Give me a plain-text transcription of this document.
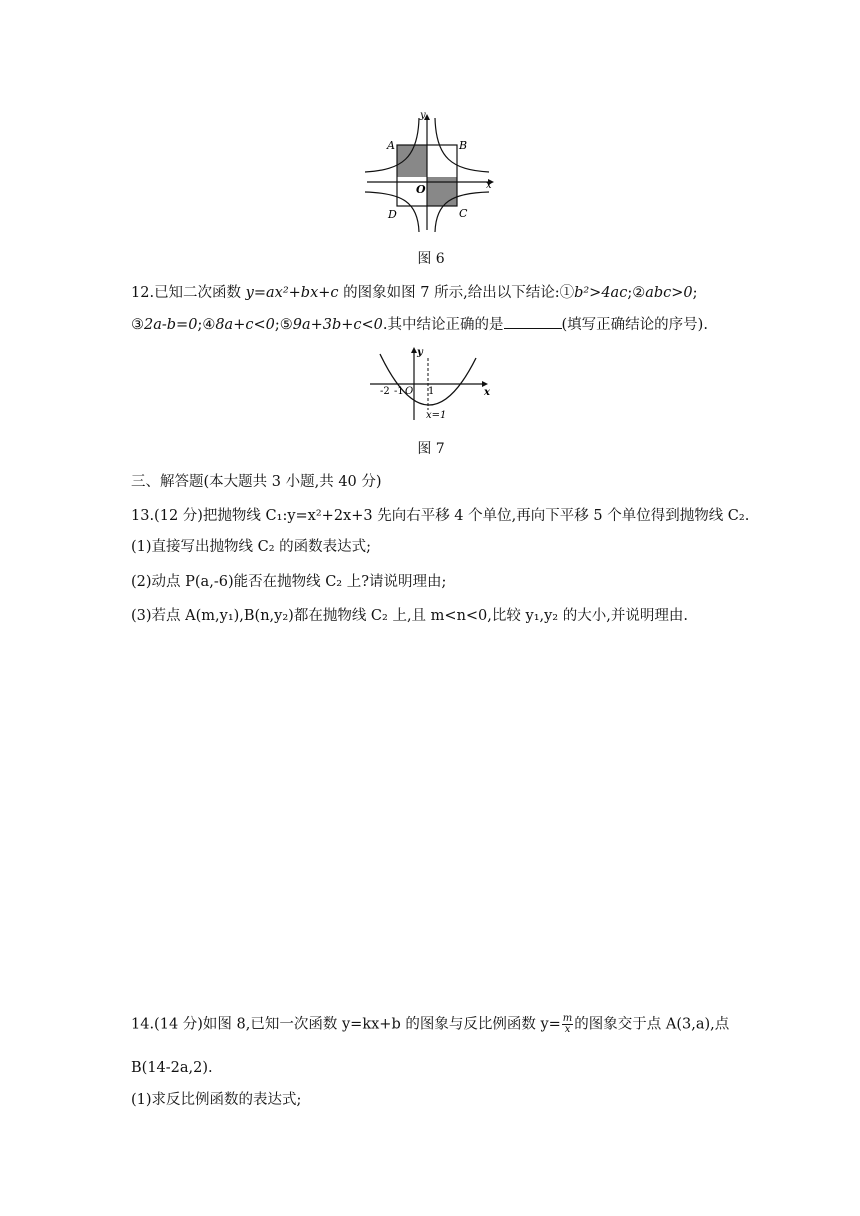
y
x
O
A	B
C
D
图 6
12.已知二次函数 y=ax²+bx+c 的图象如图 7 所示,给出以下结论:①b²>4ac;②abc>0;
③2a-b=0;④8a+c<0;⑤9a+3b+c<0.其中结论正确的是	(填写正确结论的序号).
y
x
-2 -1 O 1
x=1
图 7
三、解答题(本大题共 3 小题,共 40 分)
13.(12 分)把抛物线 C₁:y=x²+2x+3 先向右平移 4 个单位,再向下平移 5 个单位得到抛物线 C₂.
(1)直接写出抛物线 C₂ 的函数表达式;
(2)动点 P(a,-6)能否在抛物线 C₂ 上?请说明理由;
(3)若点 A(m,y₁),B(n,y₂)都在抛物线 C₂ 上,且 m<n<0,比较 y₁,y₂ 的大小,并说明理由.
14.(14 分)如图 8,已知一次函数 y=kx+b 的图象与反比例函数 $y= \frac{m}{x}$ 的图象交于点 A(3,a),点
B(14-2a,2).
(1)求反比例函数的表达式;
